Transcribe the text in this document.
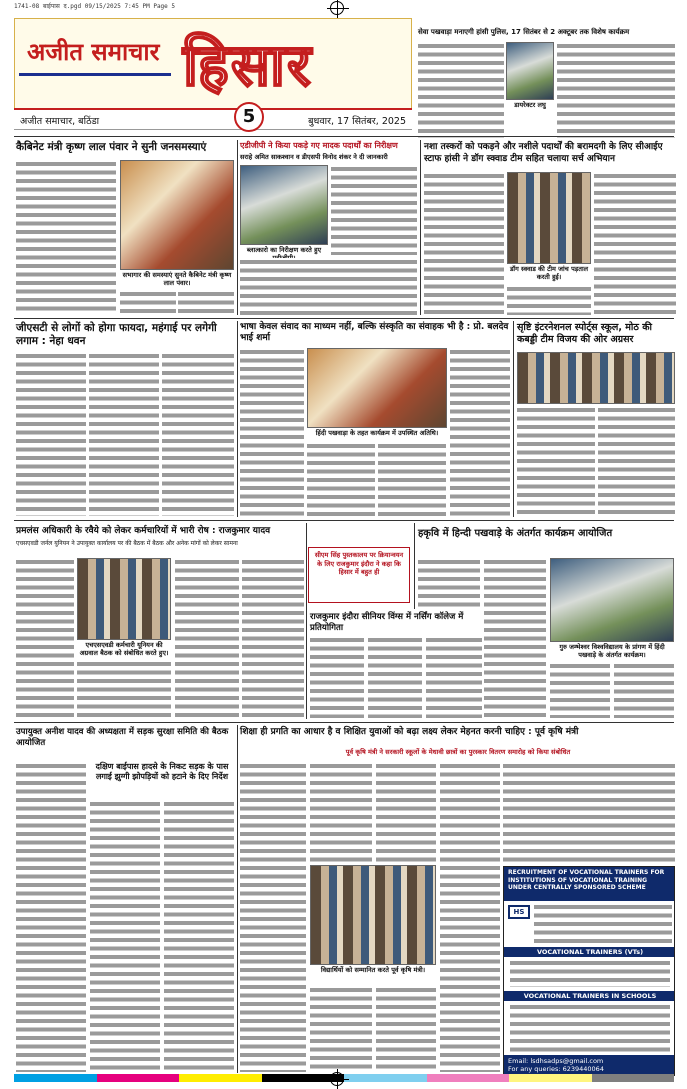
1741-08 बाईपास द.pgd 09/15/2025 7:45 PM Page 5
अजीत समाचार हिसार
अजीत समाचार, बठिंडा	5	बुधवार, 17 सितंबर, 2025
सेवा पखवाड़ा मनाएगी हांसी पुलिस, 17 सितंबर से 2 अक्टूबर तक विशेष कार्यक्रम
डायरेक्टर लघु
कैबिनेट मंत्री कृष्ण लाल पंवार ने सुनी जनसमस्याएं
सभागार की समस्याएं सुनते कैबिनेट मंत्री कृष्ण लाल पंवार।
एडीजीपी ने किया पकड़े गए मादक पदार्थों का निरीक्षण
सराहे अमित साकश्वान व डीएसपी विनोद शंकर ने दी जानकारी
ब्लात्कारो का निरीक्षण करते हुए
नशा तस्करों को पकड़ने और नशीले पदार्थों की बरामदगी के लिए सीआईए स्टाफ हांसी ने डॉग स्क्वाड टीम सहित चलाया सर्च अभियान
डॉग स्क्वाड की टीम जांच पड़ताल करती हुई।
जीएसटी से लोगों को होगा फायदा, महंगाई पर लगेगी लगाम : नेहा धवन
भाषा केवल संवाद का माध्यम नहीं, बल्कि संस्कृति का संवाहक भी है : प्रो. बलदेव भाई शर्मा
हिंदी पखवाड़ा के तहत कार्यक्रम में उपस्थित अतिथि।
सृष्टि इंटरनेशनल स्पोर्ट्स स्कूल, मोठ की कबड्डी टीम विजय की ओर अग्रसर
प्रमलंस अधिकारी के रवैये को लेकर कर्मचारियों में भारी रोष : राजकुमार यादव
एचसएवडी जर्नल युनियन ने उपायुक्त कार्यालय पर की बैठक में बैठक और अनेक मांगों को लेकर सामना
एचएसएवडी कर्मचारी यूनियन की अग्रवाल बैठक को संबोधित करते हुए।
सीएम सिंह पुस्तकालय पर क्रियान्वयन के लिए राजकुमार इंदौरा ने कहा कि हिसार में बहुत ही
राजकुमार इंदौरा सीनियर विंग्स में नर्सिंग कॉलेज में प्रतियोगिता
हकृवि में हिन्दी पखवाड़े के अंतर्गत कार्यक्रम आयोजित
गुरु जम्भेश्वर विश्वविद्यालय के प्रांगण में हिंदी पखवाड़े के अंतर्गत कार्यक्रम।
उपायुक्त अनीश यादव की अध्यक्षता में सड़क सुरक्षा समिति की बैठक आयोजित
दक्षिण बाईपास हादसे के निकट सड़क के पास लगाई झुग्गी झोपड़ियों को हटाने के दिए निर्देश
शिक्षा ही प्रगति का आधार है व शिक्षित युवाओं को बढ़ा लक्ष्य लेकर मेहनत करनी चाहिए : पूर्व कृषि मंत्री
पूर्व कृषि मंत्री ने सरकारी स्कूलों के मेधावी छात्रों का पुरस्कार वितरण समारोह को किया संबोधित
विद्यार्थियों को सम्मानित करते पूर्व कृषि मंत्री।
RECRUITMENT OF VOCATIONAL TRAINERS FOR INSTITUTIONS OF VOCATIONAL TRAINING UNDER CENTRALLY SPONSORED SCHEME
HS
VOCATIONAL TRAINERS (VTs)
VOCATIONAL TRAINERS IN SCHOOLS
Email: lsdhsadps@gmail.com
For any queries: 6239440064
